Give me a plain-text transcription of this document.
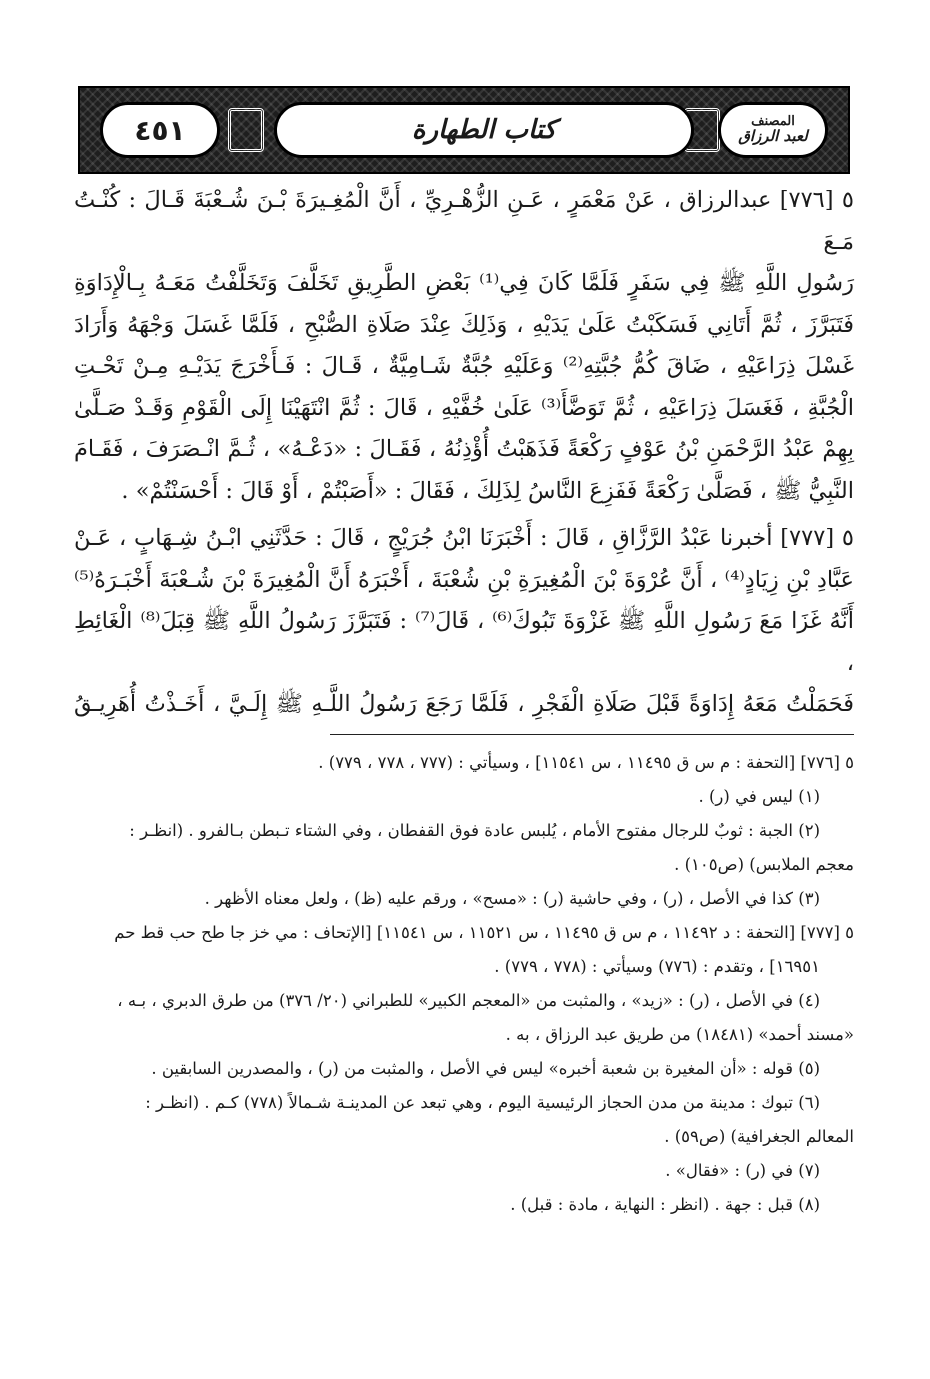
٤٥١	كتاب الطهارة	المصنف
لعبد الرزاق

٥ [٧٧٦] عبدالرزاق ، عَنْ مَعْمَرٍ ، عَـنِ الزُّهْـرِيِّ ، أَنَّ الْمُغِـيرَةَ بْـنَ شُـعْبَةَ قَـالَ : كُنْـتُ مَـعَ
رَسُولِ اللَّهِ ﷺ فِي سَفَرٍ فَلَمَّا كَانَ فِي⁽¹⁾ بَعْضِ الطَّرِيقِ تَخَلَّفَ وَتَخَلَّفْتُ مَعَـهُ بِـالْإِدَاوَةِ
فَتَبَرَّزَ ، ثُمَّ أَتَانِي فَسَكَبْتُ عَلَىٰ يَدَيْهِ ، وَذَلِكَ عِنْدَ صَلَاةِ الصُّبْحِ ، فَلَمَّا غَسَلَ وَجْهَهُ وَأَرَادَ
غَسْلَ ذِرَاعَيْهِ ، ضَاقَ كُمُّ جُبَّتِهِ⁽²⁾ وَعَلَيْهِ جُبَّةٌ شَـامِيَّةٌ ، قَـالَ : فَـأَخْرَجَ يَدَيْـهِ مِـنْ تَحْـتِ
الْجُبَّةِ ، فَغَسَلَ ذِرَاعَيْهِ ، ثُمَّ تَوَضَّأَ⁽³⁾ عَلَىٰ خُفَّيْهِ ، قَالَ : ثُمَّ انْتَهَيْنَا إِلَى الْقَوْمِ وَقَـدْ صَـلَّىٰ
بِهِمْ عَبْدُ الرَّحْمَنِ بْنُ عَوْفٍ رَكْعَةً فَذَهَبْتُ أُؤْذِنُهُ ، فَقَـالَ : «دَعْـهُ» ، ثُـمَّ انْـصَرَفَ ، فَقَـامَ
النَّبِيُّ ﷺ ، فَصَلَّىٰ رَكْعَةً فَفَزِعَ النَّاسُ لِذَلِكَ ، فَقَالَ : «أَصَبْتُمْ ، أَوْ قَالَ : أَحْسَنْتُمْ» .

٥ [٧٧٧] أخبرنا عَبْدُ الرَّزَّاقِ ، قَالَ : أَخْبَرَنَا ابْنُ جُرَيْجٍ ، قَالَ : حَدَّثَنِي ابْـنُ شِـهَابٍ ، عَـنْ
عَبَّادِ بْنِ زِيَادٍ⁽⁴⁾ ، أَنَّ عُرْوَةَ بْنَ الْمُغِيرَةِ بْنِ شُعْبَةَ ، أَخْبَرَهُ أَنَّ الْمُغِيرَةَ بْنَ شُـعْبَةَ أَخْبَـرَهُ⁽⁵⁾
أَنَّهُ غَزَا مَعَ رَسُولِ اللَّهِ ﷺ غَزْوَةَ تَبُوكَ⁽⁶⁾ ، قَالَ⁽⁷⁾ : فَتَبَرَّزَ رَسُولُ اللَّهِ ﷺ قِبَلَ⁽⁸⁾ الْغَائِطِ ،
فَحَمَلْتُ مَعَهُ إِدَاوَةً قَبْلَ صَلَاةِ الْفَجْرِ ، فَلَمَّا رَجَعَ رَسُولُ اللَّـهِ ﷺ إِلَـيَّ ، أَخَـذْتُ أُهَرِيـقُ

٥ [٧٧٦] [التحفة : م س ق ١١٤٩٥ ، س ١١٥٤١] ، وسيأتي : (٧٧٧ ، ٧٧٨ ، ٧٧٩) .

(١) ليس في (ر) .

(٢) الجبة : ثوبٌ للرجال مفتوح الأمام ، يُلبس عادة فوق القفطان ، وفي الشتاء تـبطن بـالفرو . (انظـر :

معجم الملابس) (ص١٠٥) .

(٣) كذا في الأصل ، (ر) ، وفي حاشية (ر) : «مسح» ، ورقم عليه (ظ) ، ولعل معناه الأظهر .

٥ [٧٧٧] [التحفة : د ١١٤٩٢ ، م س ق ١١٤٩٥ ، س ١١٥٢١ ، س ١١٥٤١] [الإتحاف : مي خز جا طح حب قط حم

١٦٩٥١] ، وتقدم : (٧٧٦) وسيأتي : (٧٧٨ ، ٧٧٩) .

(٤) في الأصل ، (ر) : «زيد» ، والمثبت من «المعجم الكبير» للطبراني (٢٠/ ٣٧٦) من طرق الدبري ، بـه ،

«مسند أحمد» (١٨٤٨١) من طريق عبد الرزاق ، به .

(٥) قوله : «أن المغيرة بن شعبة أخبره» ليس في الأصل ، والمثبت من (ر) ، والمصدرين السابقين .

(٦) تبوك : مدينة من مدن الحجاز الرئيسية اليوم ، وهي تبعد عن المدينـة شـمالاً (٧٧٨) كـم . (انظـر :

المعالم الجغرافية) (ص٥٩) .

(٧) في (ر) : «فقال» .

(٨) قبل : جهة . (انظر : النهاية ، مادة : قبل) .
